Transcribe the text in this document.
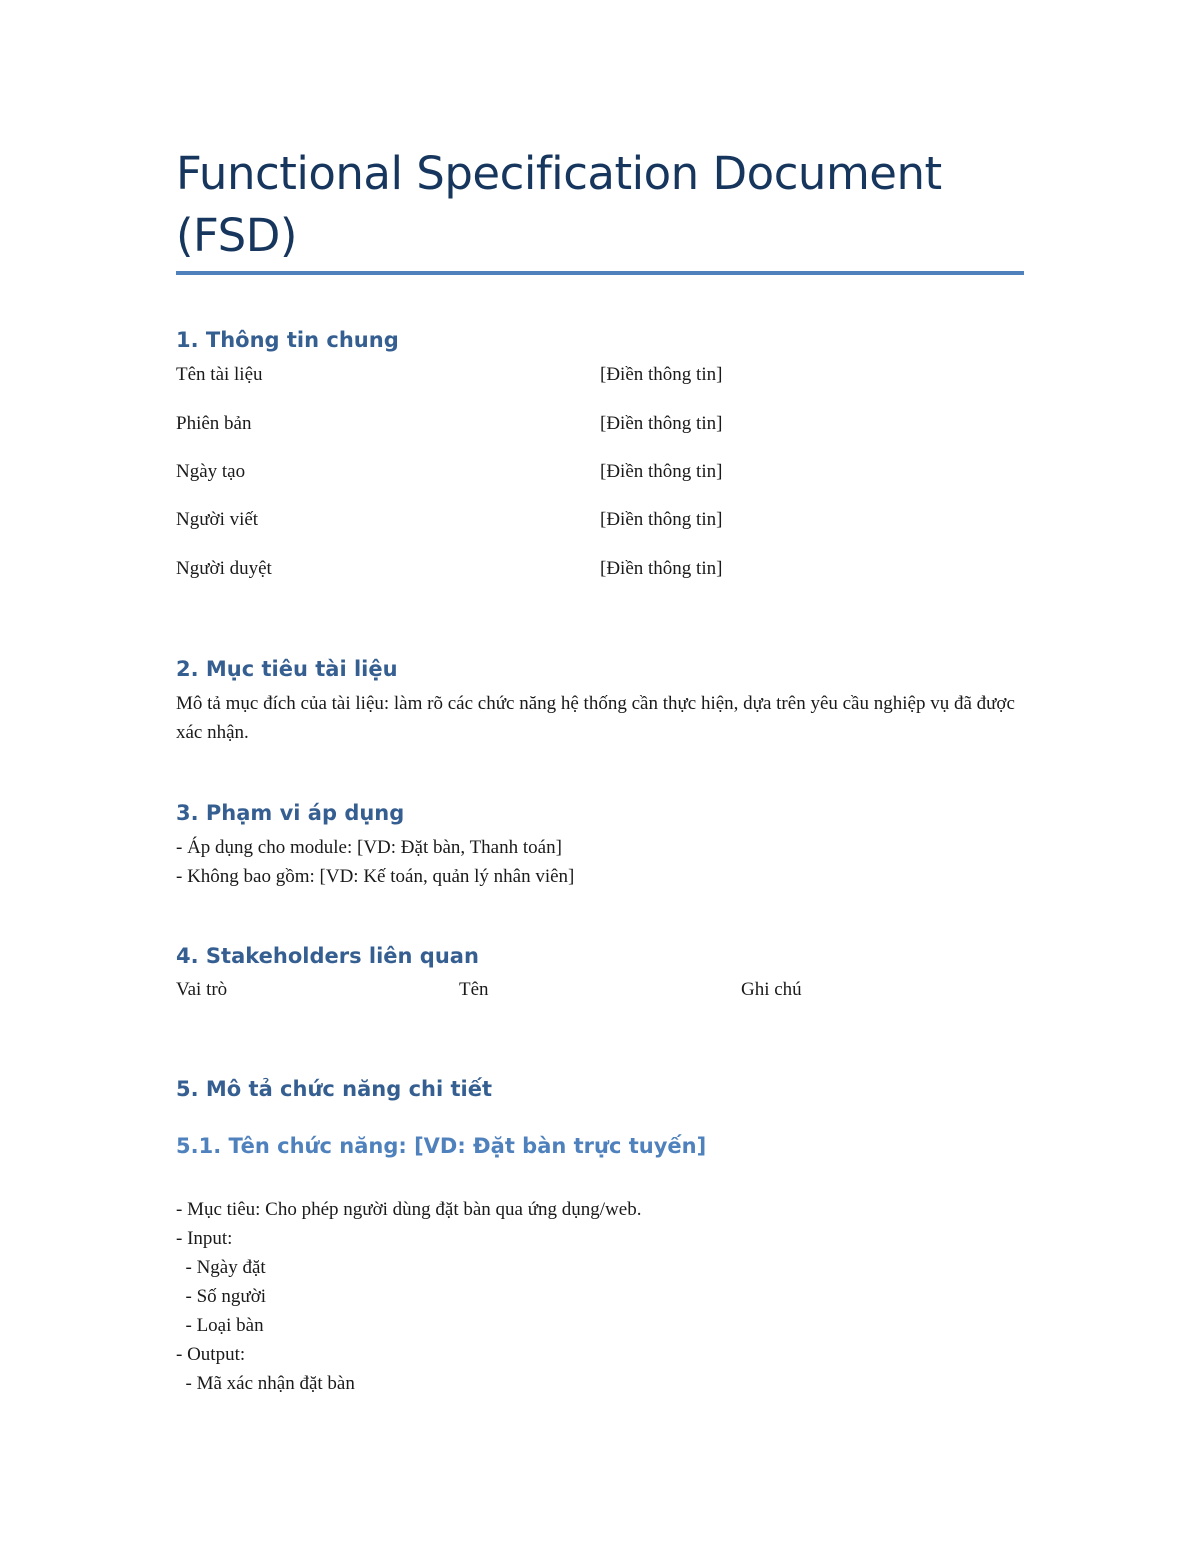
Functional Specification Document (FSD)
1. Thông tin chung
Tên tài liệu	[Điền thông tin]
Phiên bản	[Điền thông tin]
Ngày tạo	[Điền thông tin]
Người viết	[Điền thông tin]
Người duyệt	[Điền thông tin]
2. Mục tiêu tài liệu
Mô tả mục đích của tài liệu: làm rõ các chức năng hệ thống cần thực hiện, dựa trên yêu cầu nghiệp vụ đã được xác nhận.
3. Phạm vi áp dụng
- Áp dụng cho module: [VD: Đặt bàn, Thanh toán]
- Không bao gồm: [VD: Kế toán, quản lý nhân viên]
4. Stakeholders liên quan
Vai trò	Tên	Ghi chú
5. Mô tả chức năng chi tiết
5.1. Tên chức năng: [VD: Đặt bàn trực tuyến]
- Mục tiêu: Cho phép người dùng đặt bàn qua ứng dụng/web.
- Input:
- Ngày đặt
- Số người
- Loại bàn
- Output:
- Mã xác nhận đặt bàn
